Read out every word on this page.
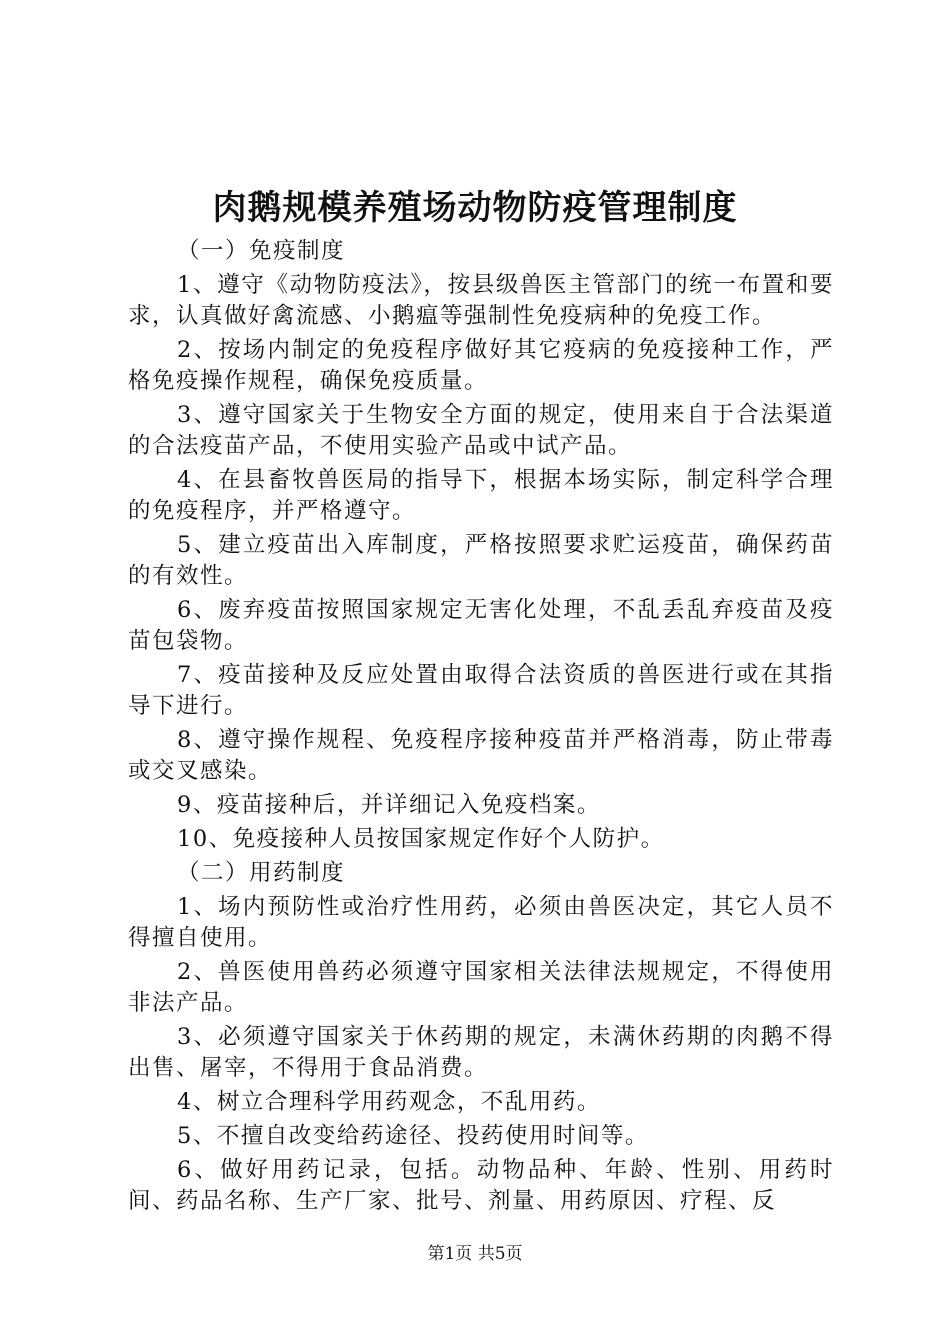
肉鹅规模养殖场动物防疫管理制度

（一）免疫制度

1、遵守《动物防疫法》，按县级兽医主管部门的统一布置和要求，认真做好禽流感、小鹅瘟等强制性免疫病种的免疫工作。

2、按场内制定的免疫程序做好其它疫病的免疫接种工作，严格免疫操作规程，确保免疫质量。

3、遵守国家关于生物安全方面的规定，使用来自于合法渠道的合法疫苗产品，不使用实验产品或中试产品。

4、在县畜牧兽医局的指导下，根据本场实际，制定科学合理的免疫程序，并严格遵守。

5、建立疫苗出入库制度，严格按照要求贮运疫苗，确保药苗的有效性。

6、废弃疫苗按照国家规定无害化处理，不乱丢乱弃疫苗及疫苗包袋物。

7、疫苗接种及反应处置由取得合法资质的兽医进行或在其指导下进行。

8、遵守操作规程、免疫程序接种疫苗并严格消毒，防止带毒或交叉感染。

9、疫苗接种后，并详细记入免疫档案。

10、免疫接种人员按国家规定作好个人防护。

（二）用药制度

1、场内预防性或治疗性用药，必须由兽医决定，其它人员不得擅自使用。

2、兽医使用兽药必须遵守国家相关法律法规规定，不得使用非法产品。

3、必须遵守国家关于休药期的规定，未满休药期的肉鹅不得出售、屠宰，不得用于食品消费。

4、树立合理科学用药观念，不乱用药。

5、不擅自改变给药途径、投药使用时间等。

6、做好用药记录，包括。动物品种、年龄、性别、用药时间、药品名称、生产厂家、批号、剂量、用药原因、疗程、反

第1页 共5页
